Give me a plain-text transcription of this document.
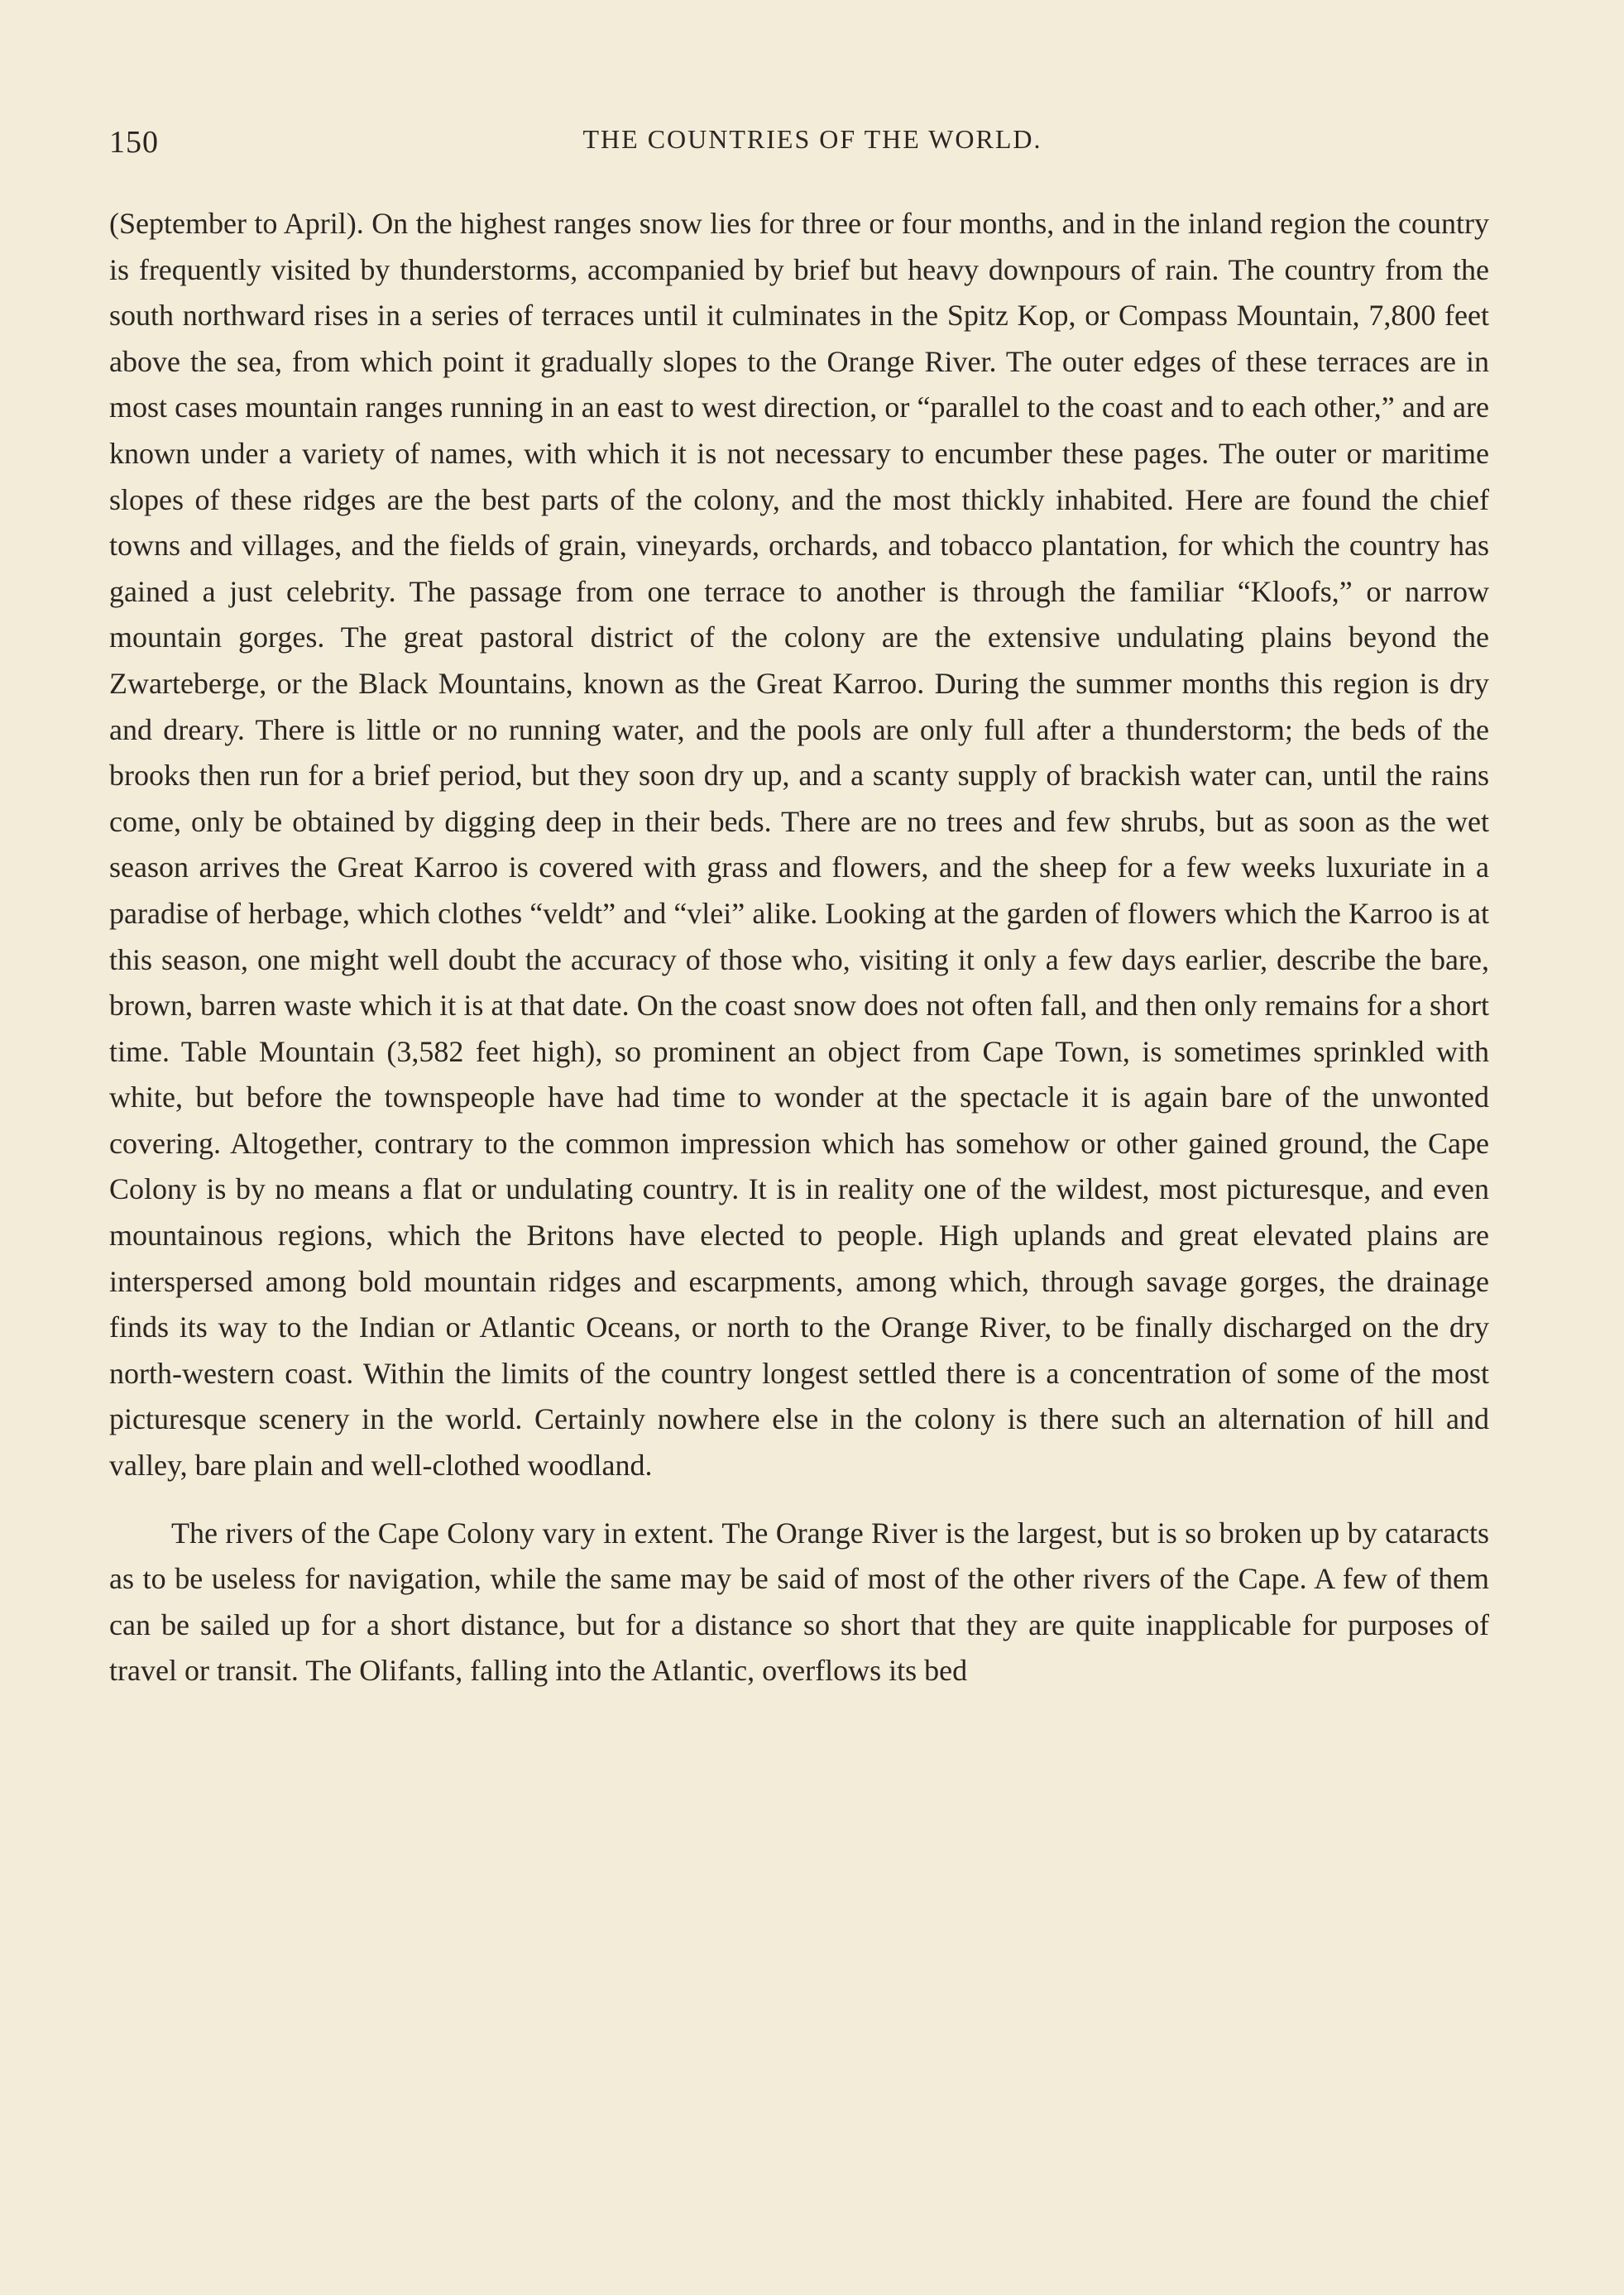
150	THE COUNTRIES OF THE WORLD.

(September to April). On the highest ranges snow lies for three or four months, and in the inland region the country is frequently visited by thunderstorms, accompanied by brief but heavy downpours of rain. The country from the south northward rises in a series of terraces until it culminates in the Spitz Kop, or Compass Mountain, 7,800 feet above the sea, from which point it gradually slopes to the Orange River. The outer edges of these terraces are in most cases mountain ranges running in an east to west direction, or “parallel to the coast and to each other,” and are known under a variety of names, with which it is not necessary to encumber these pages. The outer or maritime slopes of these ridges are the best parts of the colony, and the most thickly inhabited. Here are found the chief towns and villages, and the fields of grain, vineyards, orchards, and tobacco plantation, for which the country has gained a just celebrity. The passage from one terrace to another is through the familiar “Kloofs,” or narrow mountain gorges. The great pastoral district of the colony are the extensive undulating plains beyond the Zwarteberge, or the Black Mountains, known as the Great Karroo. During the summer months this region is dry and dreary. There is little or no running water, and the pools are only full after a thunderstorm; the beds of the brooks then run for a brief period, but they soon dry up, and a scanty supply of brackish water can, until the rains come, only be obtained by digging deep in their beds. There are no trees and few shrubs, but as soon as the wet season arrives the Great Karroo is covered with grass and flowers, and the sheep for a few weeks luxuriate in a paradise of herbage, which clothes “veldt” and “vlei” alike. Looking at the garden of flowers which the Karroo is at this season, one might well doubt the accuracy of those who, visiting it only a few days earlier, describe the bare, brown, barren waste which it is at that date. On the coast snow does not often fall, and then only remains for a short time. Table Mountain (3,582 feet high), so prominent an object from Cape Town, is sometimes sprinkled with white, but before the townspeople have had time to wonder at the spectacle it is again bare of the unwonted covering. Altogether, contrary to the common impression which has somehow or other gained ground, the Cape Colony is by no means a flat or undulating country. It is in reality one of the wildest, most picturesque, and even mountainous regions, which the Britons have elected to people. High uplands and great elevated plains are interspersed among bold mountain ridges and escarpments, among which, through savage gorges, the drainage finds its way to the Indian or Atlantic Oceans, or north to the Orange River, to be finally discharged on the dry north-western coast. Within the limits of the country longest settled there is a concentration of some of the most picturesque scenery in the world. Certainly nowhere else in the colony is there such an alternation of hill and valley, bare plain and well-clothed woodland.

The rivers of the Cape Colony vary in extent. The Orange River is the largest, but is so broken up by cataracts as to be useless for navigation, while the same may be said of most of the other rivers of the Cape. A few of them can be sailed up for a short distance, but for a distance so short that they are quite inapplicable for purposes of travel or transit. The Olifants, falling into the Atlantic, overflows its bed
